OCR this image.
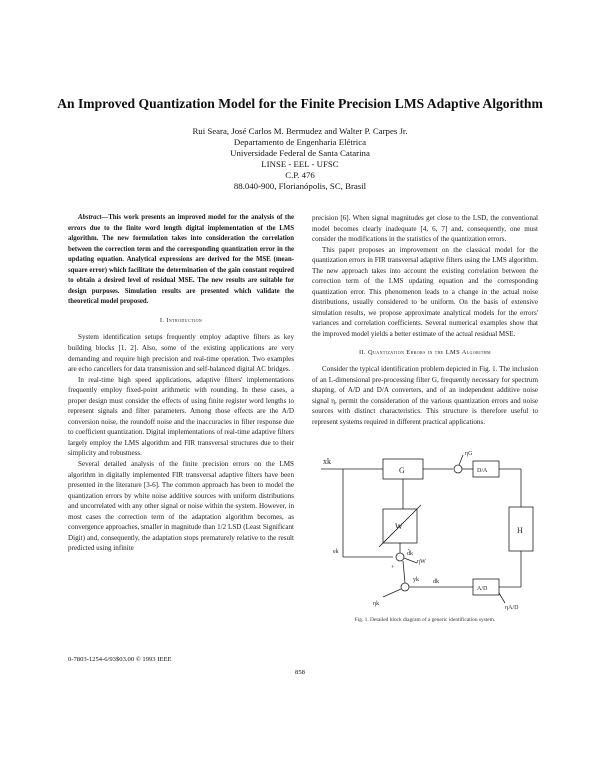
An Improved Quantization Model for the Finite Precision LMS Adaptive Algorithm
Rui Seara, José Carlos M. Bermudez and Walter P. Carpes Jr.
Departamento de Engenharia Elétrica
Universidade Federal de Santa Catarina
LINSE - EEL - UFSC
C.P. 476
88.040-900, Florianópolis, SC, Brasil

Abstract—This work presents an improved model for the analysis of the errors due to the finite word length digital implementation of the LMS algorithm. The new formulation takes into consideration the correlation between the correction term and the corresponding quantization error in the updating equation. Analytical expressions are derived for the MSE (mean-square error) which facilitate the determination of the gain constant required to obtain a desired level of residual MSE. The new results are suitable for design purposes. Simulation results are presented which validate the theoretical model proposed.

I. Introduction

System identification setups frequently employ adaptive filters as key building blocks [1, 2]. Also, some of the existing applications are very demanding and require high precision and real-time operation. Two examples are echo cancellers for data transmission and self-balanced digital AC bridges.

In real-time high speed applications, adaptive filters' implementations frequently employ fixed-point arithmetic with rounding. In these cases, a proper design must consider the effects of using finite register word lengths to represent signals and filter parameters. Among those effects are the A/D conversion noise, the roundoff noise and the inaccuracies in filter response due to coefficient quantization. Digital implementations of real-time adaptive filters largely employ the LMS algorithm and FIR transversal structures due to their simplicity and robustness.

Several detailed analysis of the finite precision errors on the LMS algorithm in digitally implemented FIR transversal adaptive filters have been presented in the literature [3-6]. The common approach has been to model the quantization errors by white noise additive sources with uniform distributions and uncorrelated with any other signal or noise within the system. However, in most cases the correction term of the adaptation algorithm becomes, as convergence approaches, smaller in magnitude than 1/2 LSD (Least Significant Digit) and, consequently, the adaptation stops prematurely relative to the result predicted using infinite

precision [6]. When signal magnitudes get close to the LSD, the conventional model becomes clearly inadequate [4, 6, 7] and, consequently, one must consider the modifications in the statistics of the quantization errors.

This paper proposes an improvement on the classical model for the quantization errors in FIR transversal adaptive filters using the LMS algorithm. The new approach takes into account the existing correlation between the correction term of the LMS updating equation and the corresponding quantization error. This phenomenon leads to a change in the actual noise distributions, usually considered to be uniform. On the basis of extensive simulation results, we propose approximate analytical models for the errors' variances and correlation coefficients. Several numerical examples show that the improved model yields a better estimate of the actual residual MSE.

II. Quantization Errors in the LMS Algorithm

Consider the typical identification problem depicted in Fig. 1. The inclusion of an L-dimensional pre-processing filter G, frequently necessary for spectrum shaping, of A/D and D/A converters, and of an independent additive noise signal η, permit the consideration of the various quantization errors and noise sources with distinct characteristics. This structure is therefore useful to represent systems required in different practical applications.

xk
G	D/A
H
A/D
W
ηG
ηW
ηA/D
ηk
ek
yk
d̂k
dk
+
Fig. 1. Detailed block diagram of a generic identification system.
0-7803-1254-6/93$03.00 © 1993 IEEE
858
